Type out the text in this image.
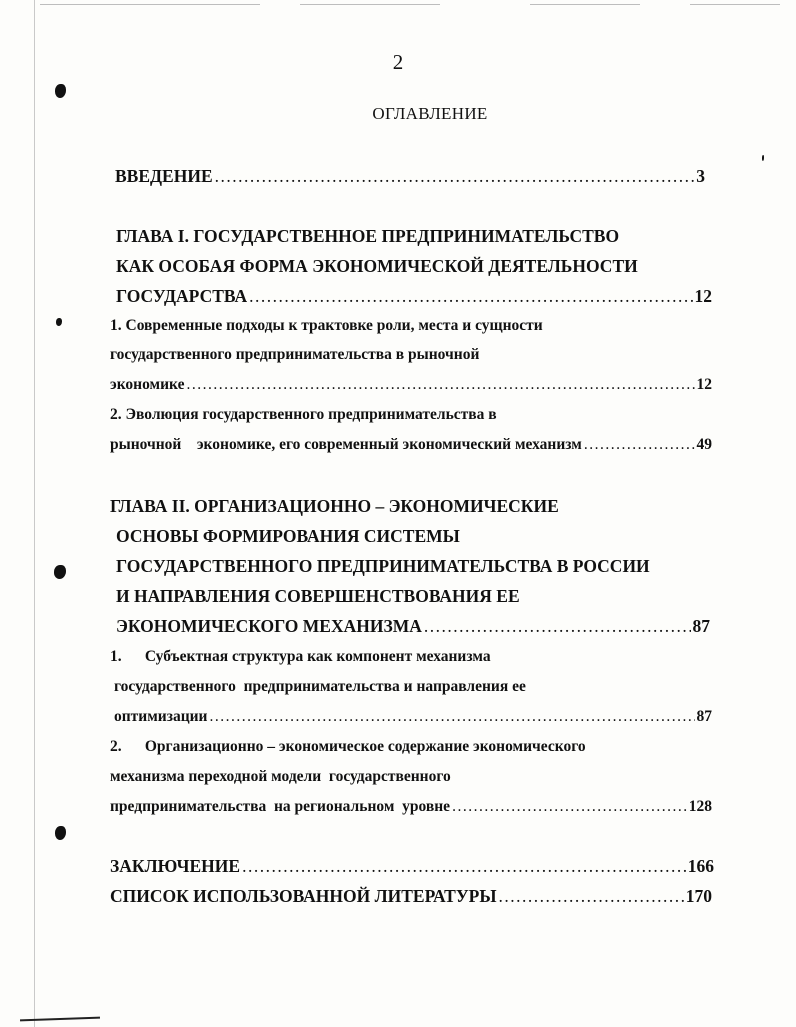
2
ОГЛАВЛЕНИЕ
ВВЕДЕНИЕ .....	3
ГЛАВА I. ГОСУДАРСТВЕННОЕ ПРЕДПРИНИМАТЕЛЬСТВО
КАК ОСОБАЯ ФОРМА ЭКОНОМИЧЕСКОЙ ДЕЯТЕЛЬНОСТИ
ГОСУДАРСТВА .....	12
1. Современные подходы к трактовке роли, места и сущности
государственного предпринимательства в рыночной
экономике .....	12
2. Эволюция государственного предпринимательства в
рыночной    экономике, его современный экономический механизм .....	49
ГЛАВА II. ОРГАНИЗАЦИОННО – ЭКОНОМИЧЕСКИЕ
ОСНОВЫ ФОРМИРОВАНИЯ СИСТЕМЫ
ГОСУДАРСТВЕННОГО ПРЕДПРИНИМАТЕЛЬСТВА В РОССИИ
И НАПРАВЛЕНИЯ СОВЕРШЕНСТВОВАНИЯ ЕЕ
ЭКОНОМИЧЕСКОГО МЕХАНИЗМА .....	87
1.      Субъектная структура как компонент механизма
государственного  предпринимательства и направления ее
оптимизации .....	87
2.      Организационно – экономическое содержание экономического
механизма переходной модели  государственного
предпринимательства  на региональном  уровне .....	128
ЗАКЛЮЧЕНИЕ .....	166
СПИСОК ИСПОЛЬЗОВАННОЙ ЛИТЕРАТУРЫ .....	170
